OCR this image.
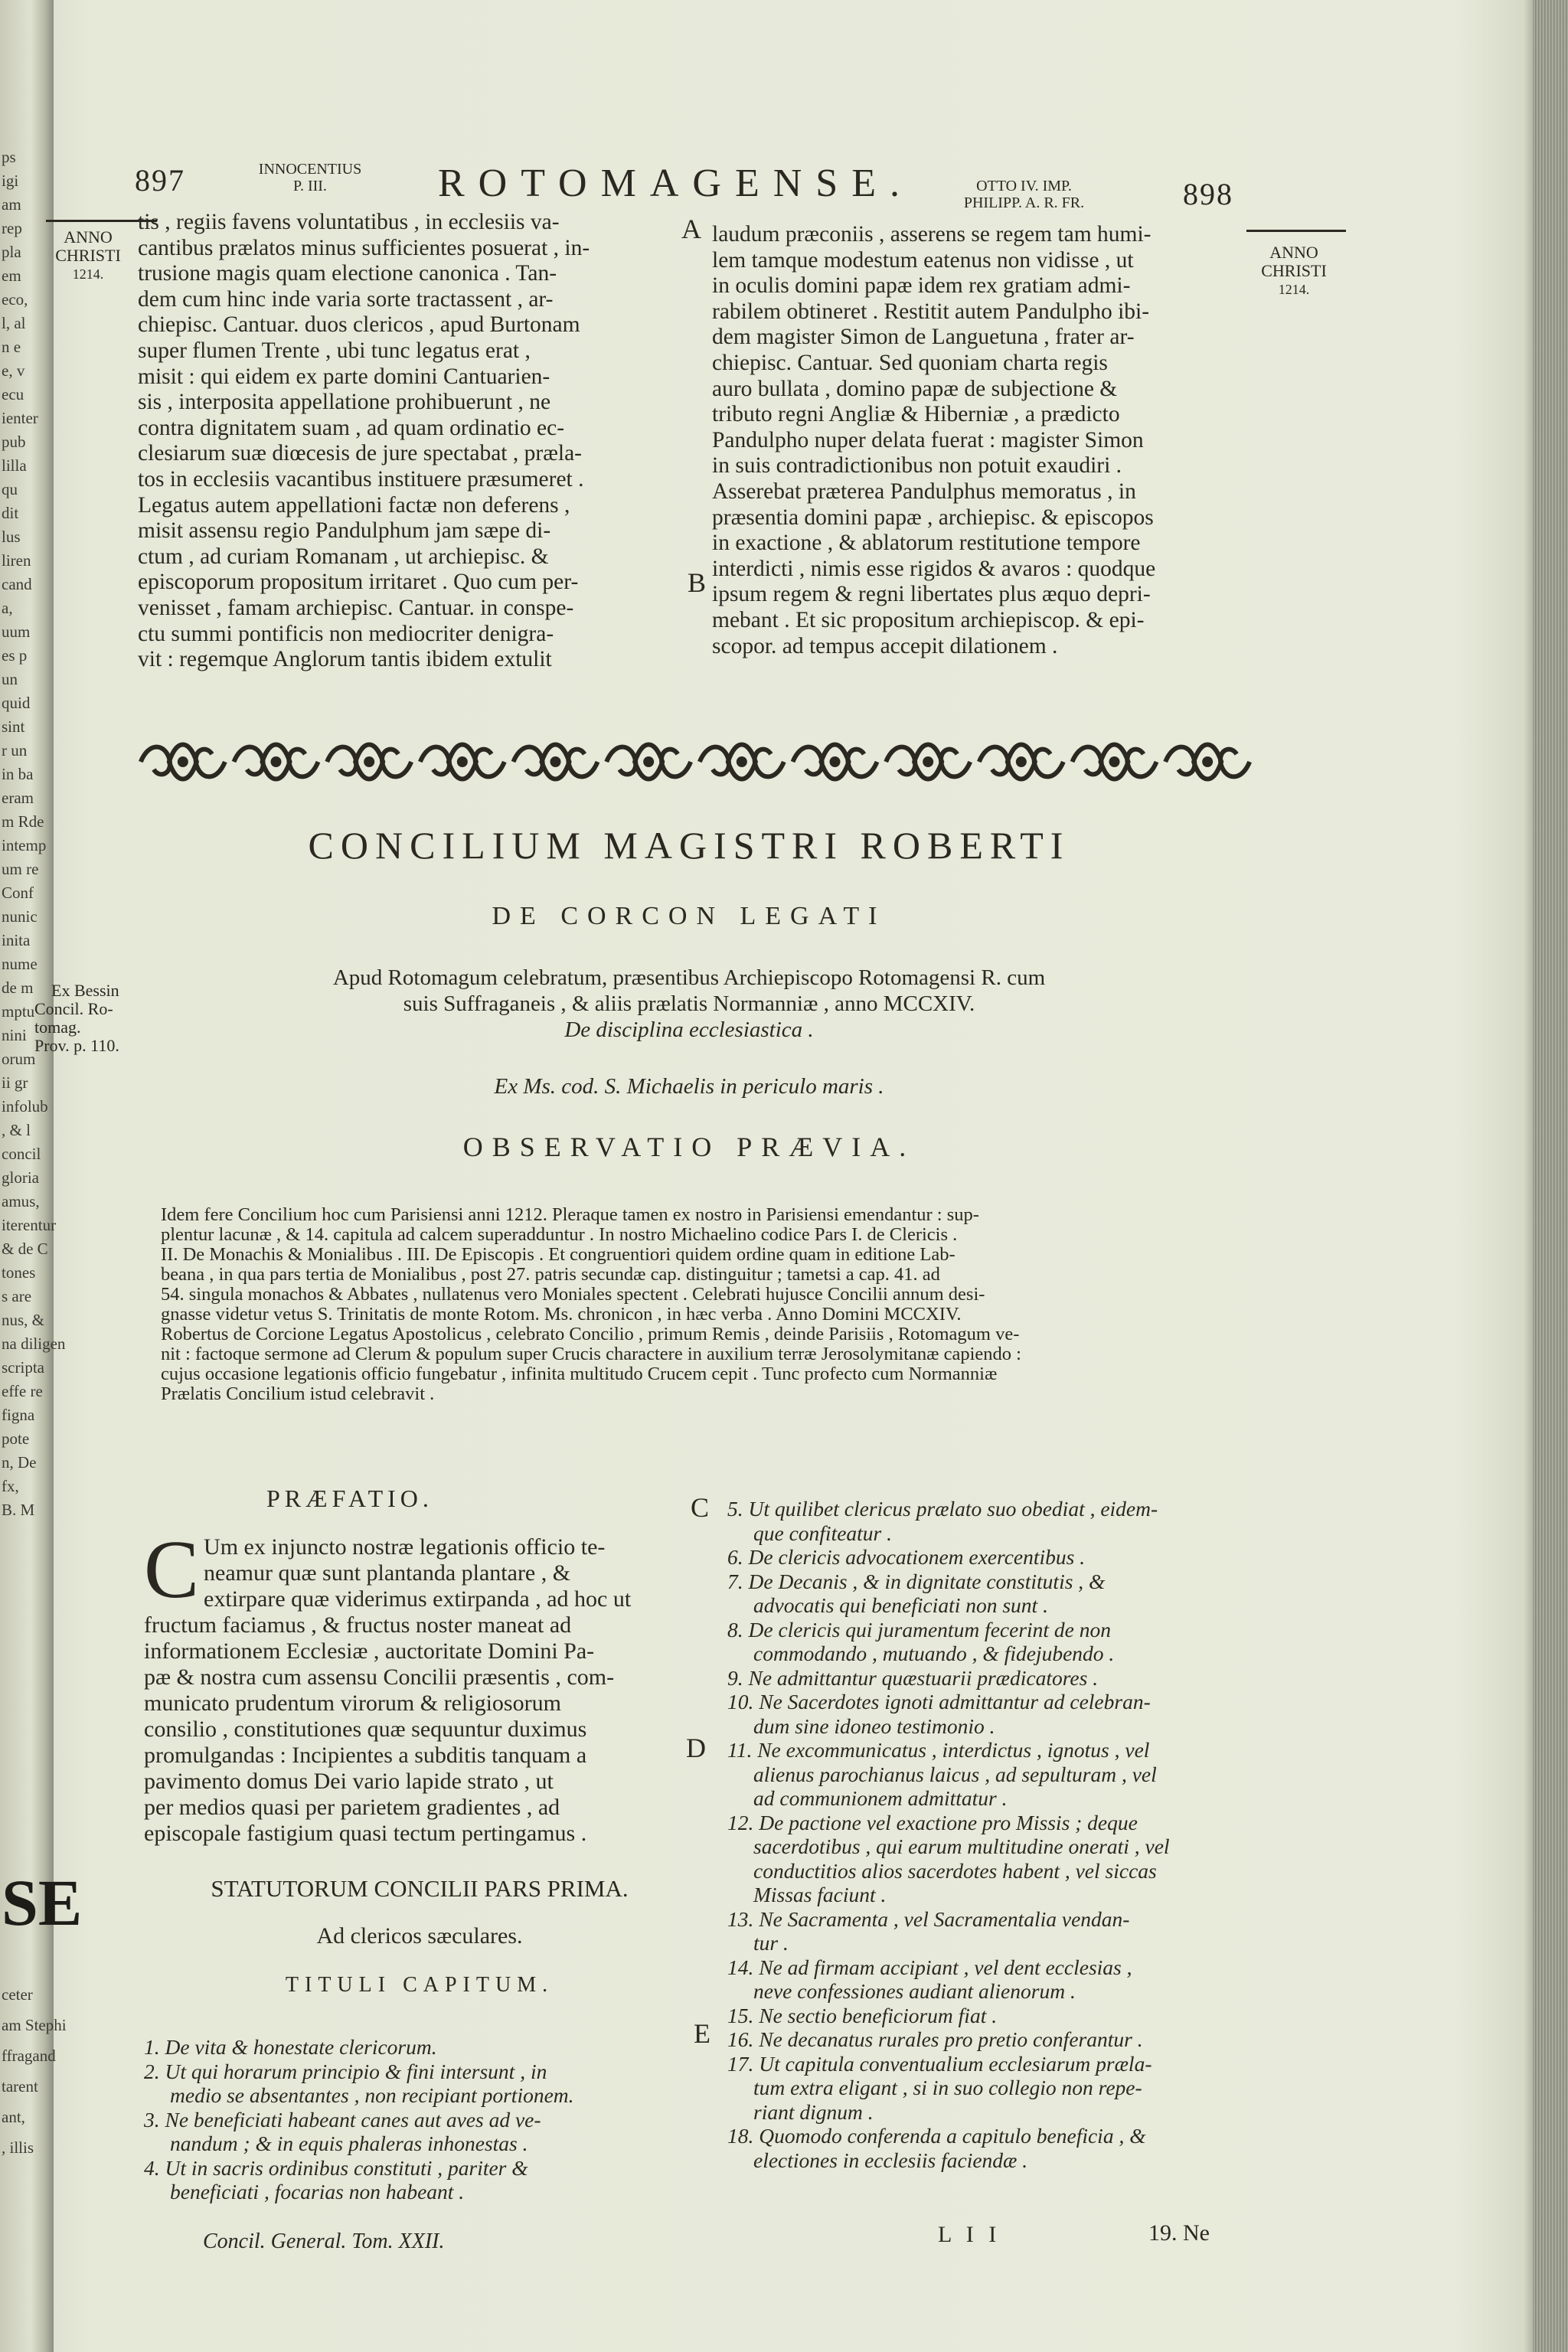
ps
igi
am
rep
pla
em
eco,
l, al
n e
e, v
ecu
ienter
pub
lilla
qu
dit
lus
liren
cand
a,
uum
es p
un
quid
sint
r un
in ba
eram
m Rde
intemp
um re
Conf
nunic
inita
nume
de m
mptu
nini
orum
ii gr
infolub
, & l
concil
gloria
amus,
iterentur
& de C
tones
s are
nus, &
na diligen
scripta
effe re
figna
pote
n, De
fx,
B. M
SE
ceter
am Stephi
ffragand
tarent
ant,
, illis
897	INNOCENTIUS
P. III.	ROTOMAGENSE.	OTTO IV. IMP.
PHILIPP. A. R. FR.	898
ANNO
CHRISTI
1214.
ANNO
CHRISTI
1214.
tis , regiis favens voluntatibus , in ecclesiis va-
cantibus prælatos minus sufficientes posuerat , in-
trusione magis quam electione canonica . Tan-
dem cum hinc inde varia sorte tractassent , ar-
chiepisc. Cantuar. duos clericos , apud Burtonam
super flumen Trente , ubi tunc legatus erat ,
misit : qui eidem ex parte domini Cantuarien-
sis , interposita appellatione prohibuerunt , ne
contra dignitatem suam , ad quam ordinatio ec-
clesiarum suæ diœcesis de jure spectabat , præla-
tos in ecclesiis vacantibus instituere præsumeret .
Legatus autem appellationi factæ non deferens ,
misit assensu regio Pandulphum jam sæpe di-
ctum , ad curiam Romanam , ut archiepisc. &
episcoporum propositum irritaret . Quo cum per-
venisset , famam archiepisc. Cantuar. in conspe-
ctu summi pontificis non mediocriter denigra-
vit : regemque Anglorum tantis ibidem extulit
laudum præconiis , asserens se regem tam humi-
lem tamque modestum eatenus non vidisse , ut
in oculis domini papæ idem rex gratiam admi-
rabilem obtineret . Restitit autem Pandulpho ibi-
dem magister Simon de Languetuna , frater ar-
chiepisc. Cantuar. Sed quoniam charta regis
auro bullata , domino papæ de subjectione &
tributo regni Angliæ & Hiberniæ , a prædicto
Pandulpho nuper delata fuerat : magister Simon
in suis contradictionibus non potuit exaudiri .
Asserebat præterea Pandulphus memoratus , in
præsentia domini papæ , archiepisc. & episcopos
in exactione , & ablatorum restitutione tempore
interdicti , nimis esse rigidos & avaros : quodque
ipsum regem & regni libertates plus æquo depri-
mebant . Et sic propositum archiepiscop. & epi-
scopor. ad tempus accepit dilationem .
A
B
CONCILIUM MAGISTRI ROBERTI
DE CORCON LEGATI
Apud Rotomagum celebratum, præsentibus Archiepiscopo Rotomagensi R. cum
suis Suffraganeis , & aliis prælatis Normanniæ , anno MCCXIV.
De disciplina ecclesiastica .
Ex Bessin
Concil. Ro-
tomag.
Prov. p. 110.
Ex Ms. cod. S. Michaelis in periculo maris .
OBSERVATIO PRÆVIA.
Idem fere Concilium hoc cum Parisiensi anni 1212. Pleraque tamen ex nostro in Parisiensi emendantur : sup-
plentur lacunæ , & 14. capitula ad calcem superadduntur . In nostro Michaelino codice Pars I. de Clericis .
II. De Monachis & Monialibus . III. De Episcopis . Et congruentiori quidem ordine quam in editione Lab-
beana , in qua pars tertia de Monialibus , post 27. patris secundæ cap. distinguitur ; tametsi a cap. 41. ad
54. singula monachos & Abbates , nullatenus vero Moniales spectent . Celebrati hujusce Concilii annum desi-
gnasse videtur vetus S. Trinitatis de monte Rotom. Ms. chronicon , in hæc verba . Anno Domini MCCXIV.
Robertus de Corcione Legatus Apostolicus , celebrato Concilio , primum Remis , deinde Parisiis , Rotomagum ve-
nit : factoque sermone ad Clerum & populum super Crucis charactere in auxilium terræ Jerosolymitanæ capiendo :
cujus occasione legationis officio fungebatur , infinita multitudo Crucem cepit . Tunc profecto cum Normanniæ
Prælatis Concilium istud celebravit .
PRÆFATIO.
C Um ex injuncto nostræ legationis officio te-
neamur quæ sunt plantanda plantare , &
extirpare quæ viderimus extirpanda , ad hoc ut
fructum faciamus , & fructus noster maneat ad
informationem Ecclesiæ , auctoritate Domini Pa-
pæ & nostra cum assensu Concilii præsentis , com-
municato prudentum virorum & religiosorum
consilio , constitutiones quæ sequuntur duximus
promulgandas : Incipientes a subditis tanquam a
pavimento domus Dei vario lapide strato , ut
per medios quasi per parietem gradientes , ad
episcopale fastigium quasi tectum pertingamus .
STATUTORUM CONCILII PARS PRIMA.
Ad clericos sæculares.
TITULI CAPITUM.
1. De vita & honestate clericorum.
2. Ut qui horarum principio & fini intersunt , in
medio se absentantes , non recipiant portionem.
3. Ne beneficiati habeant canes aut aves ad ve-
nandum ; & in equis phaleras inhonestas .
4. Ut in sacris ordinibus constituti , pariter &
beneficiati , focarias non habeant .
5. Ut quilibet clericus prælato suo obediat , eidem-
que confiteatur .
6. De clericis advocationem exercentibus .
7. De Decanis , & in dignitate constitutis , &
advocatis qui beneficiati non sunt .
8. De clericis qui juramentum fecerint de non
commodando , mutuando , & fidejubendo .
9. Ne admittantur quæstuarii prædicatores .
10. Ne Sacerdotes ignoti admittantur ad celebran-
dum sine idoneo testimonio .
11. Ne excommunicatus , interdictus , ignotus , vel
alienus parochianus laicus , ad sepulturam , vel
ad communionem admittatur .
12. De pactione vel exactione pro Missis ; deque
sacerdotibus , qui earum multitudine onerati , vel
conductitios alios sacerdotes habent , vel siccas
Missas faciunt .
13. Ne Sacramenta , vel Sacramentalia vendan-
tur .
14. Ne ad firmam accipiant , vel dent ecclesias ,
neve confessiones audiant alienorum .
15. Ne sectio beneficiorum fiat .
16. Ne decanatus rurales pro pretio conferantur .
17. Ut capitula conventualium ecclesiarum præla-
tum extra eligant , si in suo collegio non repe-
riant dignum .
18. Quomodo conferenda a capitulo beneficia , &
electiones in ecclesiis faciendæ .
C
D
E
Concil. General. Tom. XXII.	L I I	19. Ne
